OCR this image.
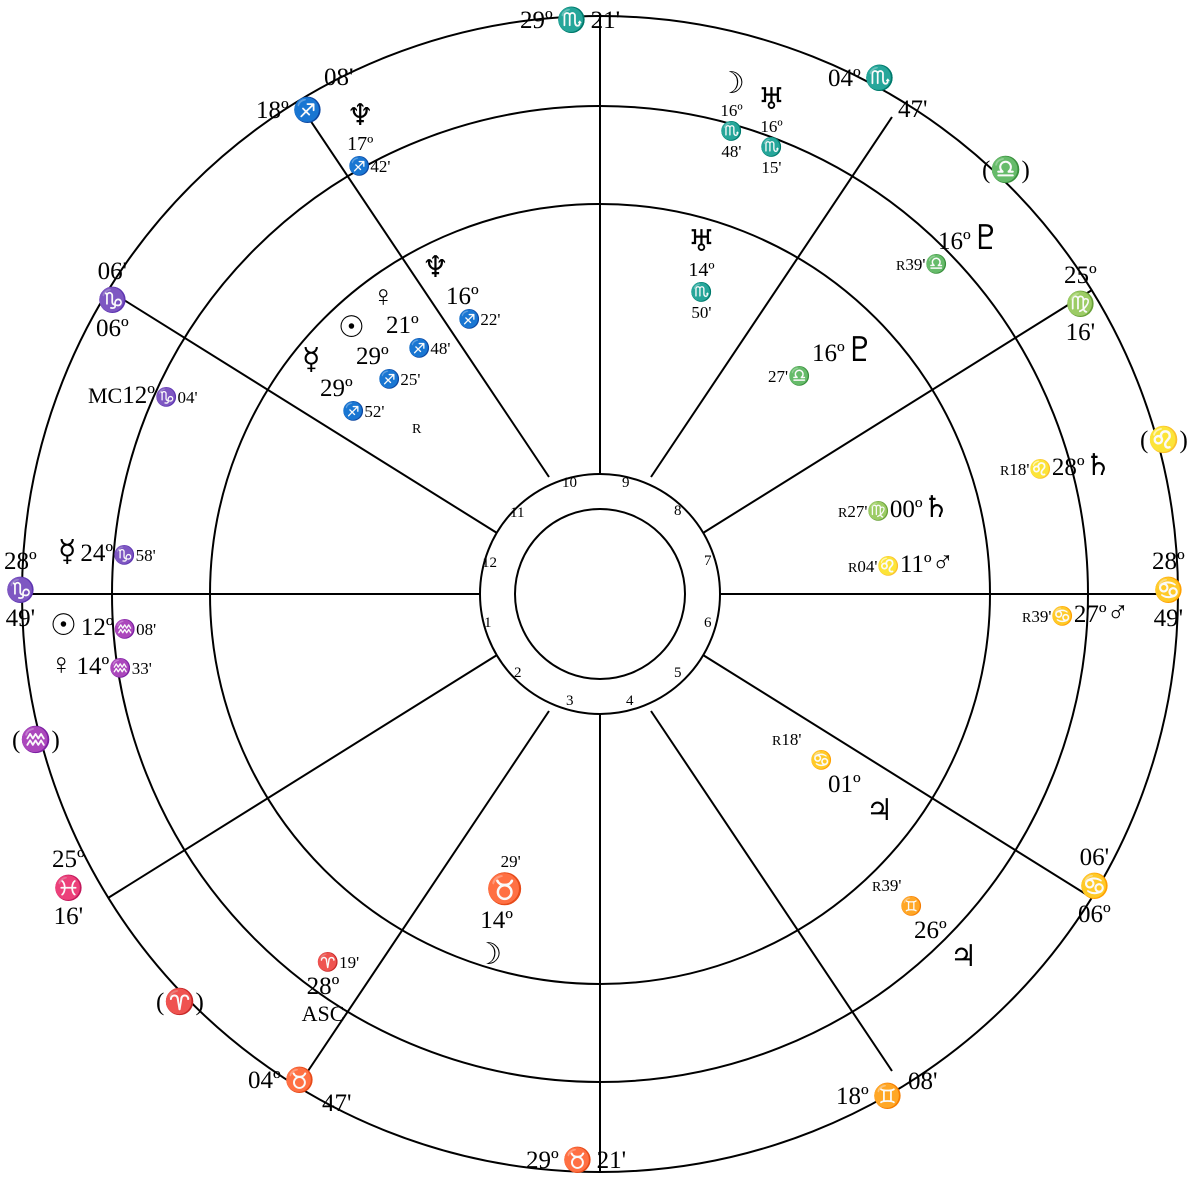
29º ♏ 21'
04º ♏
47'
25º
♍
16'
28º
♋
49'
06'
♋
06º
18º ♊
08'
29º ♉ 21'
04º ♉
47'
25º
♓
16'
28º
♑
49'
06'
♑
06º
18º ♐
08'
(♎)
(♌)
(♒)
(♈)
MC12º♑04'
♈19'
28º
ASC
☽
16º
♏
48'
♅
16º
♏
15'
16º♇
R39'♎
R18'♌28º♄
R39'♋27º♂
R39'
♊
26º
♃
♆
17º
♐42'
♅
14º
♏
50'
16º♇
27'♎
R27'♍00º♄
R04'♌11º♂
R18'
♋
01º
♃
29'
♉
14º
☽
♆
16º
♐22'
♀
21º
♐48'
☉
29º
♐25'
☿
29º
♐52'
R
☿ 24º♑58'
☉ 12º♒08'
♀ 14º♒33'
1
2
3	4
5
6
7
8
9
10
11
12
